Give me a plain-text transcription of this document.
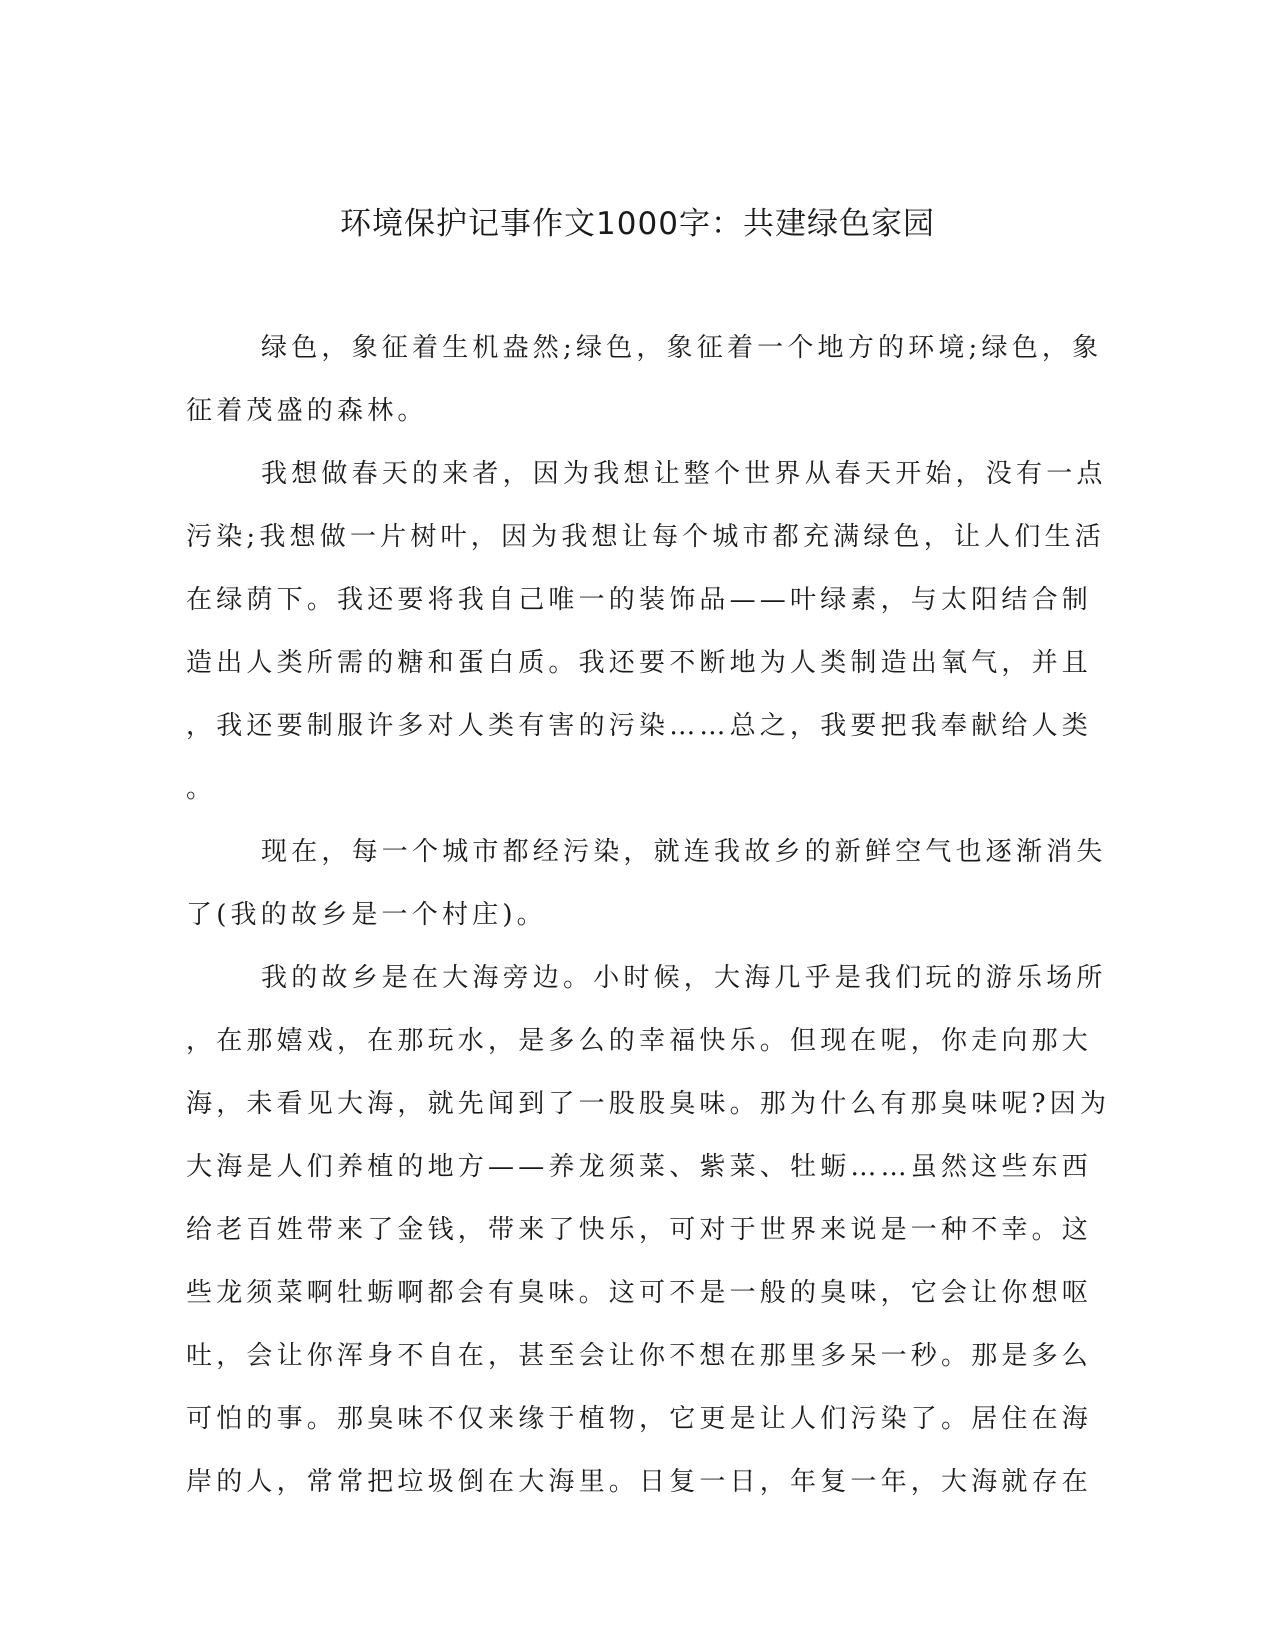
环境保护记事作文1000字：共建绿色家园
绿色，象征着生机盎然;绿色，象征着一个地方的环境;绿色，象
征着茂盛的森林。
我想做春天的来者，因为我想让整个世界从春天开始，没有一点
污染;我想做一片树叶，因为我想让每个城市都充满绿色，让人们生活
在绿荫下。我还要将我自己唯一的装饰品——叶绿素，与太阳结合制
造出人类所需的糖和蛋白质。我还要不断地为人类制造出氧气，并且
，我还要制服许多对人类有害的污染……总之，我要把我奉献给人类
。
现在，每一个城市都经污染，就连我故乡的新鲜空气也逐渐消失
了(我的故乡是一个村庄)。
我的故乡是在大海旁边。小时候，大海几乎是我们玩的游乐场所
，在那嬉戏，在那玩水，是多么的幸福快乐。但现在呢，你走向那大
海，未看见大海，就先闻到了一股股臭味。那为什么有那臭味呢?因为
大海是人们养植的地方——养龙须菜、紫菜、牡蛎……虽然这些东西
给老百姓带来了金钱，带来了快乐，可对于世界来说是一种不幸。这
些龙须菜啊牡蛎啊都会有臭味。这可不是一般的臭味，它会让你想呕
吐，会让你浑身不自在，甚至会让你不想在那里多呆一秒。那是多么
可怕的事。那臭味不仅来缘于植物，它更是让人们污染了。居住在海
岸的人，常常把垃圾倒在大海里。日复一日，年复一年，大海就存在
